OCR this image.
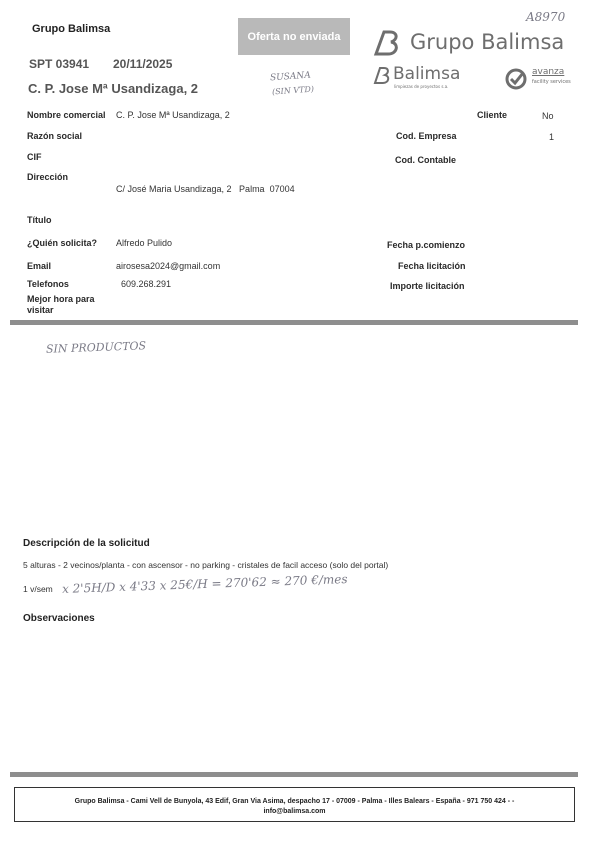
Grupo Balimsa
SPT 03941 20/11/2025
C. P. Jose Mª Usandizaga, 2
Oferta no enviada
A8970
SUSANA
(SIN VTD)
Grupo Balimsa
Balimsa
limpiezas de proyectos s.a.
avanza
facility services
Nombre comercial C. P. Jose Mª Usandizaga, 2	Cliente	No
Razón social	Cod. Empresa	1
CIF	Cod. Contable
Dirección
C/ José Maria Usandizaga, 2   Palma  07004
Título
¿Quién solicita? Alfredo Pulido	Fecha p.comienzo
Email	airosesa2024@gmail.com	Fecha licitación
Telefonos	609.268.291	Importe licitación
Mejor hora para visitar
SIN PRODUCTOS
Descripción de la solicitud
5 alturas - 2 vecinos/planta - con ascensor - no parking - cristales de facil acceso (solo del portal)
1 v/sem x 2'5H/D x 4'33 x 25€/H = 270'62 ≈ 270 €/mes
Observaciones
Grupo Balimsa - Cami Vell de Bunyola, 43 Edif, Gran Via Asima, despacho 17 - 07009 - Palma - Illes Balears - España - 971 750 424 - -
info@balimsa.com
